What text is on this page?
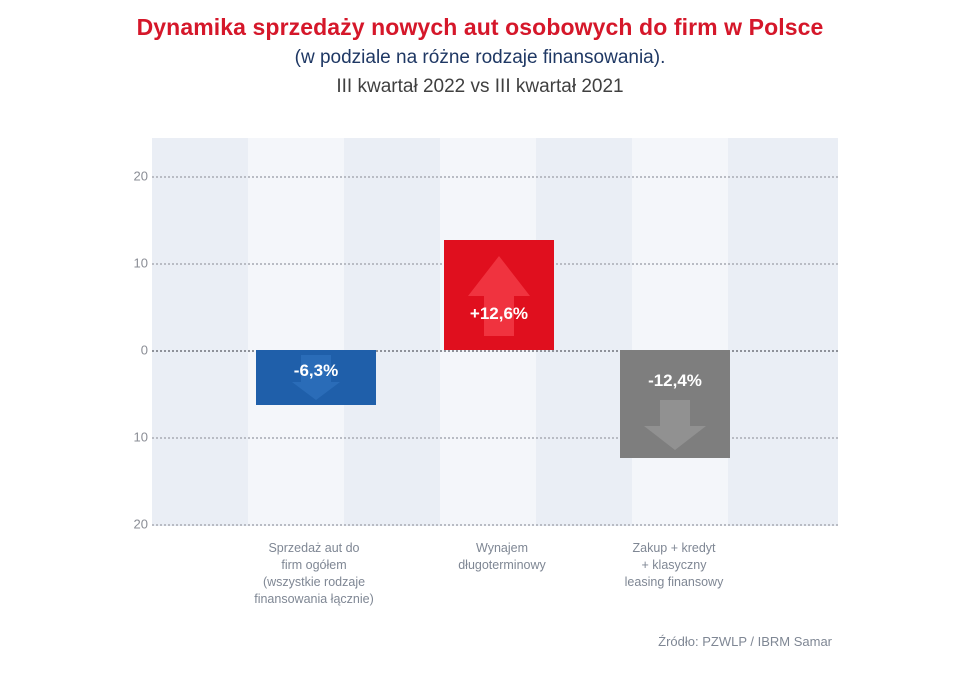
Dynamika sprzedaży nowych aut osobowych do firm w Polsce
(w podziale na różne rodzaje finansowania).
III kwartał 2022 vs III kwartał 2021
-6,3%
+12,6%
-12,4%
20
10
0
10
20
Sprzedaż aut do
firm ogółem
(wszystkie rodzaje
finansowania łącznie)
Wynajem
długoterminowy
Zakup + kredyt
+ klasyczny
leasing finansowy
Źródło: PZWLP / IBRM Samar
